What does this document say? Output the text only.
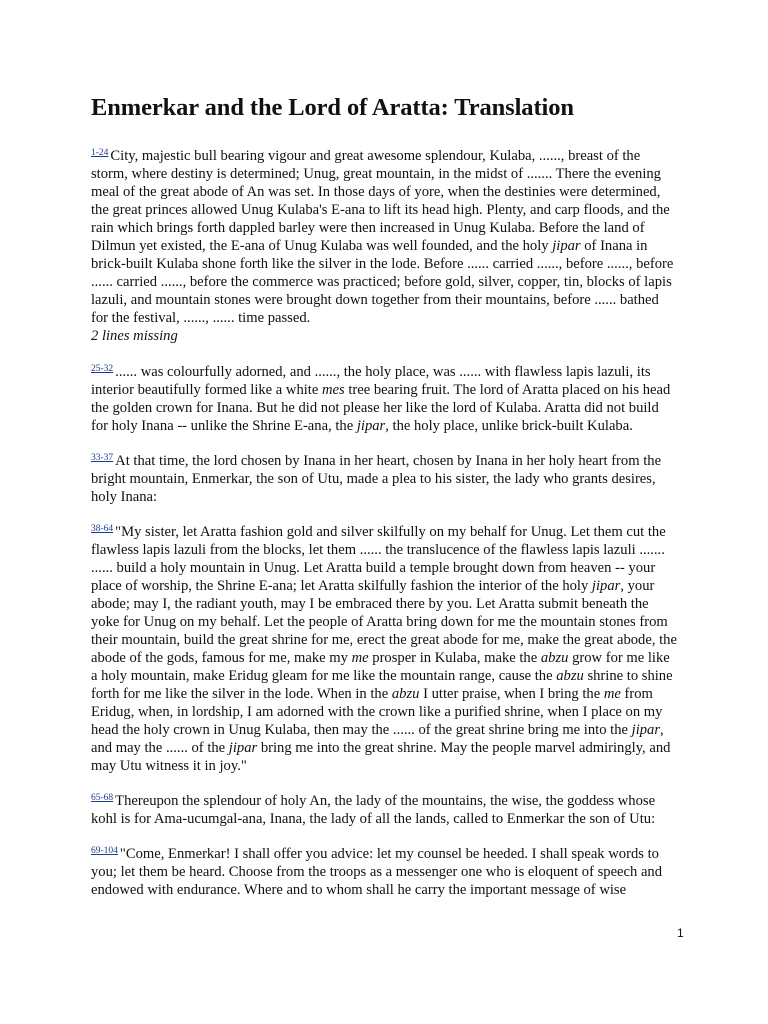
Enmerkar and the Lord of Aratta: Translation

$^{1-24}$ City, majestic bull bearing vigour and great awesome splendour, Kulaba, ......, breast of the storm, where destiny is determined; Unug, great mountain, in the midst of ....... There the evening meal of the great abode of An was set. In those days of yore, when the destinies were determined, the great princes allowed Unug Kulaba's E-ana to lift its head high. Plenty, and carp floods, and the rain which brings forth dappled barley were then increased in Unug Kulaba. Before the land of Dilmun yet existed, the E-ana of Unug Kulaba was well founded, and the holy jipar of Inana in brick-built Kulaba shone forth like the silver in the lode. Before ...... carried ......, before ......, before ...... carried ......, before the commerce was practiced; before gold, silver, copper, tin, blocks of lapis lazuli, and mountain stones were brought down together from their mountains, before ...... bathed for the festival, ......, ...... time passed.

2 lines missing

$^{25-32}$ ...... was colourfully adorned, and ......, the holy place, was ...... with flawless lapis lazuli, its interior beautifully formed like a white mes tree bearing fruit. The lord of Aratta placed on his head the golden crown for Inana. But he did not please her like the lord of Kulaba. Aratta did not build for holy Inana -- unlike the Shrine E-ana, the jipar, the holy place, unlike brick-built Kulaba.

$^{33-37}$ At that time, the lord chosen by Inana in her heart, chosen by Inana in her holy heart from the bright mountain, Enmerkar, the son of Utu, made a plea to his sister, the lady who grants desires, holy Inana:

$^{38-64}$ "My sister, let Aratta fashion gold and silver skilfully on my behalf for Unug. Let them cut the flawless lapis lazuli from the blocks, let them ...... the translucence of the flawless lapis lazuli ....... ...... build a holy mountain in Unug. Let Aratta build a temple brought down from heaven -- your place of worship, the Shrine E-ana; let Aratta skilfully fashion the interior of the holy jipar, your abode; may I, the radiant youth, may I be embraced there by you. Let Aratta submit beneath the yoke for Unug on my behalf. Let the people of Aratta bring down for me the mountain stones from their mountain, build the great shrine for me, erect the great abode for me, make the great abode, the abode of the gods, famous for me, make my me prosper in Kulaba, make the abzu grow for me like a holy mountain, make Eridug gleam for me like the mountain range, cause the abzu shrine to shine forth for me like the silver in the lode. When in the abzu I utter praise, when I bring the me from Eridug, when, in lordship, I am adorned with the crown like a purified shrine, when I place on my head the holy crown in Unug Kulaba, then may the ...... of the great shrine bring me into the jipar, and may the ...... of the jipar bring me into the great shrine. May the people marvel admiringly, and may Utu witness it in joy."

$^{65-68}$ Thereupon the splendour of holy An, the lady of the mountains, the wise, the goddess whose kohl is for Ama-ucumgal-ana, Inana, the lady of all the lands, called to Enmerkar the son of Utu:

$^{69-104}$ "Come, Enmerkar! I shall offer you advice: let my counsel be heeded. I shall speak words to you; let them be heard. Choose from the troops as a messenger one who is eloquent of speech and endowed with endurance. Where and to whom shall he carry the important message of wise

1
